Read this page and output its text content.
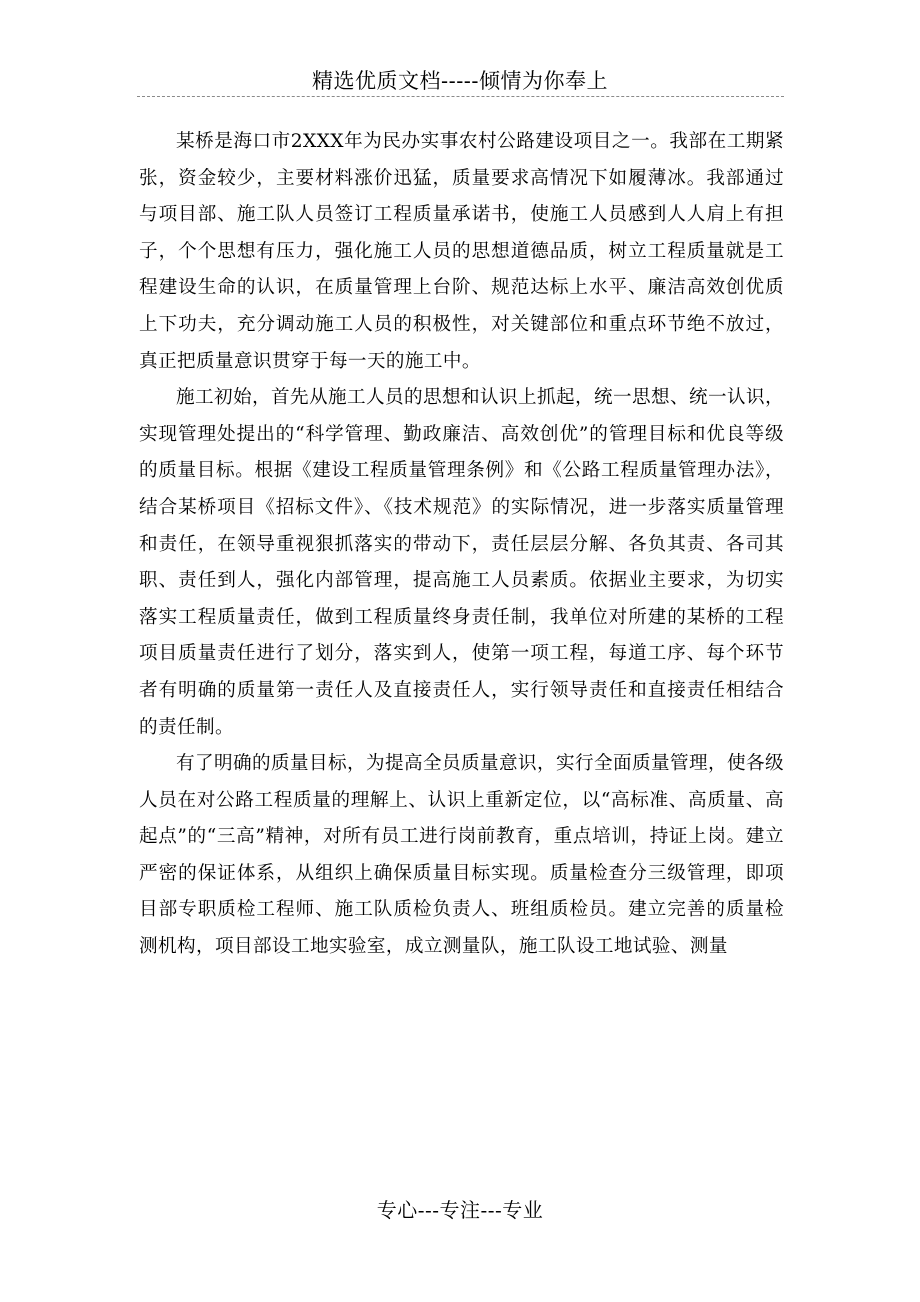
精选优质文档-----倾情为你奉上

某桥是海口市2XXX年为民办实事农村公路建设项目之一。我部在工期紧张，资金较少，主要材料涨价迅猛，质量要求高情况下如履薄冰。我部通过与项目部、施工队人员签订工程质量承诺书，使施工人员感到人人肩上有担子，个个思想有压力，强化施工人员的思想道德品质，树立工程质量就是工程建设生命的认识，在质量管理上台阶、规范达标上水平、廉洁高效创优质上下功夫，充分调动施工人员的积极性，对关键部位和重点环节绝不放过，真正把质量意识贯穿于每一天的施工中。

施工初始，首先从施工人员的思想和认识上抓起，统一思想、统一认识，实现管理处提出的“科学管理、勤政廉洁、高效创优”的管理目标和优良等级的质量目标。根据《建设工程质量管理条例》和《公路工程质量管理办法》，结合某桥项目《招标文件》、《技术规范》的实际情况，进一步落实质量管理和责任，在领导重视狠抓落实的带动下，责任层层分解、各负其责、各司其职、责任到人，强化内部管理，提高施工人员素质。依据业主要求，为切实落实工程质量责任，做到工程质量终身责任制，我单位对所建的某桥的工程项目质量责任进行了划分，落实到人，使第一项工程，每道工序、每个环节者有明确的质量第一责任人及直接责任人，实行领导责任和直接责任相结合的责任制。

有了明确的质量目标，为提高全员质量意识，实行全面质量管理，使各级人员在对公路工程质量的理解上、认识上重新定位，以“高标准、高质量、高起点”的“三高”精神，对所有员工进行岗前教育，重点培训，持证上岗。建立严密的保证体系，从组织上确保质量目标实现。质量检查分三级管理，即项目部专职质检工程师、施工队质检负责人、班组质检员。建立完善的质量检测机构，项目部设工地实验室，成立测量队，施工队设工地试验、测量

专心---专注---专业
